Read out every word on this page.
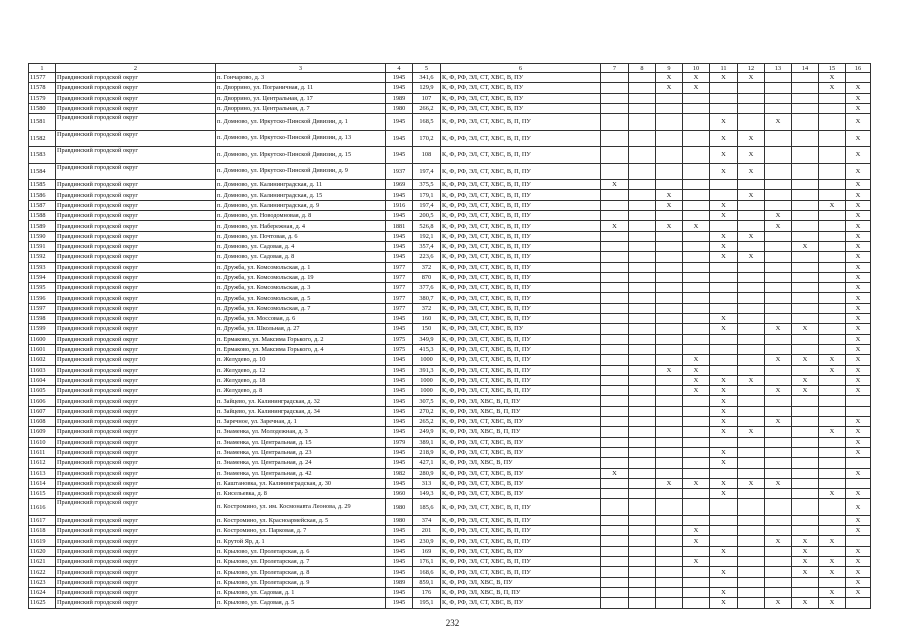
1	2	3	4	5	6	7	8	9	10	11	12	13	14	15	16
11577	Правдинский городской округ	п. Гончарово, д. 3	1945	341,6	К, Ф, РФ, ЭЛ, СТ, ХВС, В, ПУ			X	X	X	X			X	
11578	Правдинский городской округ	п. Дворрино, ул. Пограничная, д. 11	1945	129,9	К, Ф, РФ, ЭЛ, СТ, ХВС, В, ПУ			X	X					X	X
11579	Правдинский городской округ	п. Дворрино, ул. Центральная, д. 17	1989	107	К, Ф, РФ, ЭЛ, СТ, ХВС, В, ПУ										X
11580	Правдинский городской округ	п. Дворрино, ул. Центральная, д. 7	1980	266,2	К, Ф, РФ, ЭЛ, СТ, ХВС, В, ПУ										X
11581	Правдинский городской округ	п. Домново, ул. Иркутско-Пинской Дивизии, д. 1	1945	168,5	К, Ф, РФ, ЭЛ, СТ, ХВС, В, П, ПУ					X		X			X
11582	Правдинский городской округ	п. Домново, ул. Иркутско-Пинской Дивизии, д. 13	1945	170,2	К, Ф, РФ, ЭЛ, СТ, ХВС, В, П, ПУ					X	X				X
11583	Правдинский городской округ	п. Домново, ул. Иркутско-Пинской Дивизии, д. 15	1945	108	К, Ф, РФ, ЭЛ, СТ, ХВС, В, П, ПУ					X	X				X
11584	Правдинский городской округ	п. Домново, ул. Иркутско-Пинской Дивизии, д. 9	1937	197,4	К, Ф, РФ, ЭЛ, СТ, ХВС, В, П, ПУ					X	X				X
11585	Правдинский городской округ	п. Домново, ул. Калининградская, д. 11	1969	375,5	К, Ф, РФ, ЭЛ, СТ, ХВС, В, П, ПУ	X									X
11586	Правдинский городской округ	п. Домново, ул. Калининградская, д. 15	1945	179,1	К, Ф, РФ, ЭЛ, СТ, ХВС, В, П, ПУ			X			X				X
11587	Правдинский городской округ	п. Домново, ул. Калининградская, д. 9	1916	197,4	К, Ф, РФ, ЭЛ, СТ, ХВС, В, П, ПУ			X		X				X	X
11588	Правдинский городской округ	п. Домново, ул. Новодомновая, д. 8	1945	200,5	К, Ф, РФ, ЭЛ, СТ, ХВС, В, П, ПУ					X		X			X
11589	Правдинский городской округ	п. Домново, ул. Набережная, д. 4	1881	526,8	К, Ф, РФ, ЭЛ, СТ, ХВС, В, П, ПУ	X		X	X			X			X
11590	Правдинский городской округ	п. Домново, ул. Почтовая, д. 6	1945	192,1	К, Ф, РФ, ЭЛ, СТ, ХВС, В, П, ПУ					X	X				X
11591	Правдинский городской округ	п. Домново, ул. Садовая, д. 4	1945	357,4	К, Ф, РФ, ЭЛ, СТ, ХВС, В, П, ПУ					X			X		X
11592	Правдинский городской округ	п. Домново, ул. Садовая, д. 8	1945	223,6	К, Ф, РФ, ЭЛ, СТ, ХВС, В, П, ПУ					X	X				X
11593	Правдинский городской округ	п. Дружба, ул. Комсомольская, д. 1	1977	372	К, Ф, РФ, ЭЛ, СТ, ХВС, В, П, ПУ										X
11594	Правдинский городской округ	п. Дружба, ул. Комсомольская, д. 19	1977	870	К, Ф, РФ, ЭЛ, СТ, ХВС, В, П, ПУ										X
11595	Правдинский городской округ	п. Дружба, ул. Комсомольская, д. 3	1977	377,6	К, Ф, РФ, ЭЛ, СТ, ХВС, В, П, ПУ										X
11596	Правдинский городской округ	п. Дружба, ул. Комсомольская, д. 5	1977	380,7	К, Ф, РФ, ЭЛ, СТ, ХВС, В, П, ПУ										X
11597	Правдинский городской округ	п. Дружба, ул. Комсомольская, д. 7	1977	372	К, Ф, РФ, ЭЛ, СТ, ХВС, В, П, ПУ										X
11598	Правдинский городской округ	п. Дружба, ул. Моссовая, д. 6	1945	160	К, Ф, РФ, ЭЛ, СТ, ХВС, В, П, ПУ					X					X
11599	Правдинский городской округ	п. Дружба, ул. Школьная, д. 27	1945	150	К, Ф, РФ, ЭЛ, СТ, ХВС, В, ПУ					X		X	X		X
11600	Правдинский городской округ	п. Ермаково, ул. Максима Горького, д. 2	1975	349,9	К, Ф, РФ, ЭЛ, СТ, ХВС, В, П, ПУ										X
11601	Правдинский городской округ	п. Ермаково, ул. Максима Горького, д. 4	1975	415,3	К, Ф, РФ, ЭЛ, СТ, ХВС, В, П, ПУ										X
11602	Правдинский городской округ	п. Желудево, д. 10	1945	1000	К, Ф, РФ, ЭЛ, СТ, ХВС, В, П, ПУ				X			X	X	X	X
11603	Правдинский городской округ	п. Желудево, д. 12	1945	391,3	К, Ф, РФ, ЭЛ, СТ, ХВС, В, П, ПУ			X	X					X	X
11604	Правдинский городской округ	п. Желудево, д. 18	1945	1000	К, Ф, РФ, ЭЛ, СТ, ХВС, В, П, ПУ				X	X	X		X		X
11605	Правдинский городской округ	п. Желудево, д. 8	1945	1000	К, Ф, РФ, ЭЛ, СТ, ХВС, В, П, ПУ				X	X		X	X		X
11606	Правдинский городской округ	п. Зайцево, ул. Калининградская, д. 32	1945	307,5	К, Ф, РФ, ЭЛ, ХВС, В, П, ПУ					X					
11607	Правдинский городской округ	п. Зайцево, ул. Калининградская, д. 34	1945	270,2	К, Ф, РФ, ЭЛ, ХВС, В, П, ПУ					X					
11608	Правдинский городской округ	п. Заречное, ул. Заречная, д. 1	1945	265,2	К, Ф, РФ, ЭЛ, СТ, ХВС, В, ПУ					X		X			X
11609	Правдинский городской округ	п. Знаменка, ул. Молодежная, д. 3	1945	249,9	К, Ф, РФ, ЭЛ, ХВС, В, П, ПУ					X	X			X	X
11610	Правдинский городской округ	п. Знаменка, ул. Центральная, д. 15	1979	389,1	К, Ф, РФ, ЭЛ, СТ, ХВС, В, ПУ										X
11611	Правдинский городской округ	п. Знаменка, ул. Центральная, д. 23	1945	218,9	К, Ф, РФ, ЭЛ, СТ, ХВС, В, ПУ					X					X
11612	Правдинский городской округ	п. Знаменка, ул. Центральная, д. 24	1945	427,1	К, Ф, РФ, ЭЛ, ХВС, В, ПУ					X					
11613	Правдинский городской округ	п. Знаменка, ул. Центральная, д. 42	1982	280,9	К, Ф, РФ, ЭЛ, СТ, ХВС, В, ПУ	X									X
11614	Правдинский городской округ	п. Каштановка, ул. Калининградская, д. 30	1945	313	К, Ф, РФ, ЭЛ, СТ, ХВС, В, ПУ			X	X	X	X	X			
11615	Правдинский городской округ	п. Кисельевка, д. 8	1960	149,3	К, Ф, РФ, ЭЛ, СТ, ХВС, В, ПУ					X				X	X
11616	Правдинский городской округ	п. Костромино, ул. им. Космонавта Леонова, д. 29	1980	185,6	К, Ф, РФ, ЭЛ, СТ, ХВС, В, П, ПУ										X
11617	Правдинский городской округ	п. Костромино, ул. Красноармейская, д. 5	1980	374	К, Ф, РФ, ЭЛ, СТ, ХВС, В, П, ПУ										X
11618	Правдинский городской округ	п. Костромино, ул. Парковая, д. 7	1945	201	К, Ф, РФ, ЭЛ, СТ, ХВС, В, П, ПУ				X						X
11619	Правдинский городской округ	п. Крутой Яр, д. 1	1945	230,9	К, Ф, РФ, ЭЛ, СТ, ХВС, В, П, ПУ				X			X	X	X	
11620	Правдинский городской округ	п. Крылово, ул. Пролетарская, д. 6	1945	169	К, Ф, РФ, ЭЛ, СТ, ХВС, В, ПУ					X			X		X
11621	Правдинский городской округ	п. Крылово, ул. Пролетарская, д. 7	1945	176,1	К, Ф, РФ, ЭЛ, СТ, ХВС, В, П, ПУ				X				X	X	X
11622	Правдинский городской округ	п. Крылово, ул. Пролетарская, д. 8	1945	168,6	К, Ф, РФ, ЭЛ, СТ, ХВС, В, П, ПУ					X			X	X	X
11623	Правдинский городской округ	п. Крылово, ул. Пролетарская, д. 9	1989	859,1	К, Ф, РФ, ЭЛ, ХВС, В, ПУ										X
11624	Правдинский городской округ	п. Крылово, ул. Садовая, д. 1	1945	176	К, Ф, РФ, ЭЛ, ХВС, В, П, ПУ					X				X	X
11625	Правдинский городской округ	п. Крылово, ул. Садовая, д. 5	1945	195,1	К, Ф, РФ, ЭЛ, СТ, ХВС, В, ПУ					X		X	X	X	
232
